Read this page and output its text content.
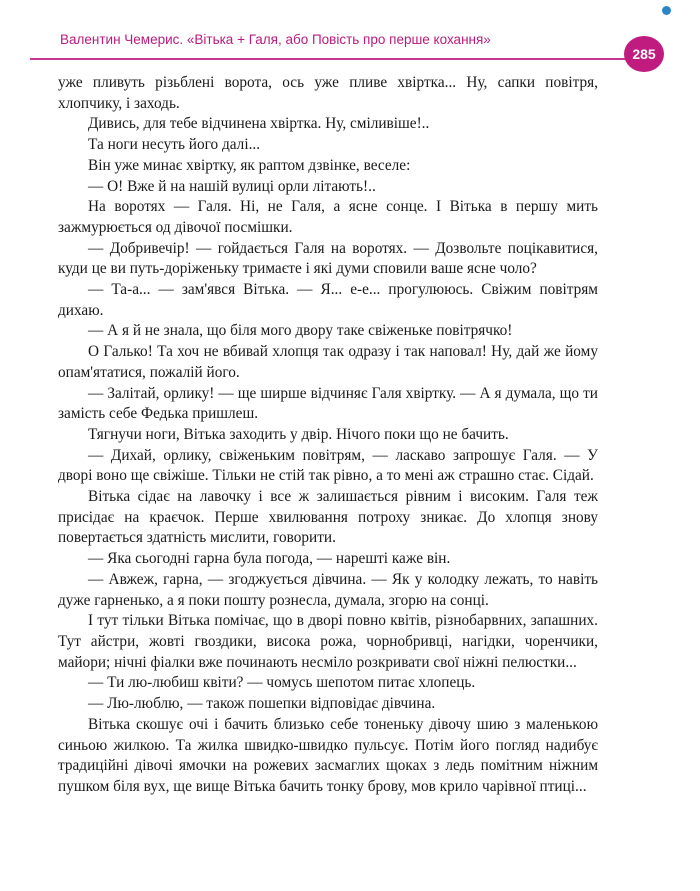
Валентин Чемерис. «Вітька + Галя, або Повість про перше кохання»
285

уже пливуть різьблені ворота, ось уже пливе хвіртка... Ну, сапки повітря, хлопчику, і заходь.

Дивись, для тебе відчинена хвіртка. Ну, сміливіше!..

Та ноги несуть його далі...

Він уже минає хвіртку, як раптом дзвінке, веселе:

— О! Вже й на нашій вулиці орли літають!..

На воротях — Галя. Ні, не Галя, а ясне сонце. І Вітька в першу мить зажмурюється од дівочої посмішки.

— Добривечір! — гойдається Галя на воротях. — Дозвольте поцікавитися, куди це ви путь-доріженьку тримаєте і які думи сповили ваше ясне чоло?

— Та-а... — зам'явся Вітька. — Я... е-е... прогулююсь. Свіжим повітрям дихаю.

— А я й не знала, що біля мого двору таке свіженьке повітрячко!

О Галько! Та хоч не вбивай хлопця так одразу і так наповал! Ну, дай же йому опам'ятатися, пожалій його.

— Залітай, орлику! — ще ширше відчиняє Галя хвіртку. — А я думала, що ти замість себе Федька пришлеш.

Тягнучи ноги, Вітька заходить у двір. Нічого поки що не бачить.

— Дихай, орлику, свіженьким повітрям, — ласкаво запрошує Галя. — У дворі воно ще свіжіше. Тільки не стій так рівно, а то мені аж страшно стає. Сідай.

Вітька сідає на лавочку і все ж залишається рівним і високим. Галя теж присідає на краєчок. Перше хвилювання потроху зникає. До хлопця знову повертається здатність мислити, говорити.

— Яка сьогодні гарна була погода, — нарешті каже він.

— Авжеж, гарна, — згоджується дівчина. — Як у колодку лежать, то навіть дуже гарненько, а я поки пошту рознесла, думала, згорю на сонці.

І тут тільки Вітька помічає, що в дворі повно квітів, різнобарвних, запашних. Тут айстри, жовті гвоздики, висока рожа, чорнобривці, нагідки, чоренчики, майори; нічні фіалки вже починають несміло розкривати свої ніжні пелюстки...

— Ти лю-любиш квіти? — чомусь шепотом питає хлопець.

— Лю-люблю, — також пошепки відповідає дівчина.

Вітька скошує очі і бачить близько себе тоненьку дівочу шию з маленькою синьою жилкою. Та жилка швидко-швидко пульсує. Потім його погляд надибує традиційні дівочі ямочки на рожевих засмаглих щоках з ледь помітним ніжним пушком біля вух, ще вище Вітька бачить тонку брову, мов крило чарівної птиці...
